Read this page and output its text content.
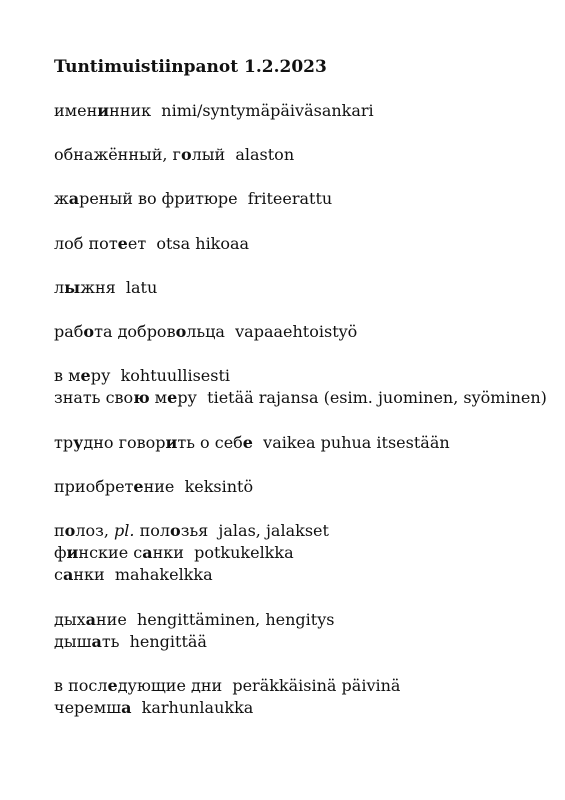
Tuntimuistiinpanot 1.2.2023
именинник nimi/syntymäpäiväsankari
обнажённый, голый alaston
жареный во фритюре friteerattu
лоб потеет otsa hikoaa
лыжня latu
работа добровольца vapaaehtoistyö
в меру kohtuullisesti
знать свою меру tietää rajansa (esim. juominen, syöminen)
трудно говорить о себе vaikea puhua itsestään
приобретение keksintö
полоз, pl. полозья jalas, jalakset
финские санки potkukelkka
санки mahakelkka
дыхание hengittäminen, hengitys
дышать hengittää
в последующие дни peräkkäisinä päivinä
черемша karhunlaukka
